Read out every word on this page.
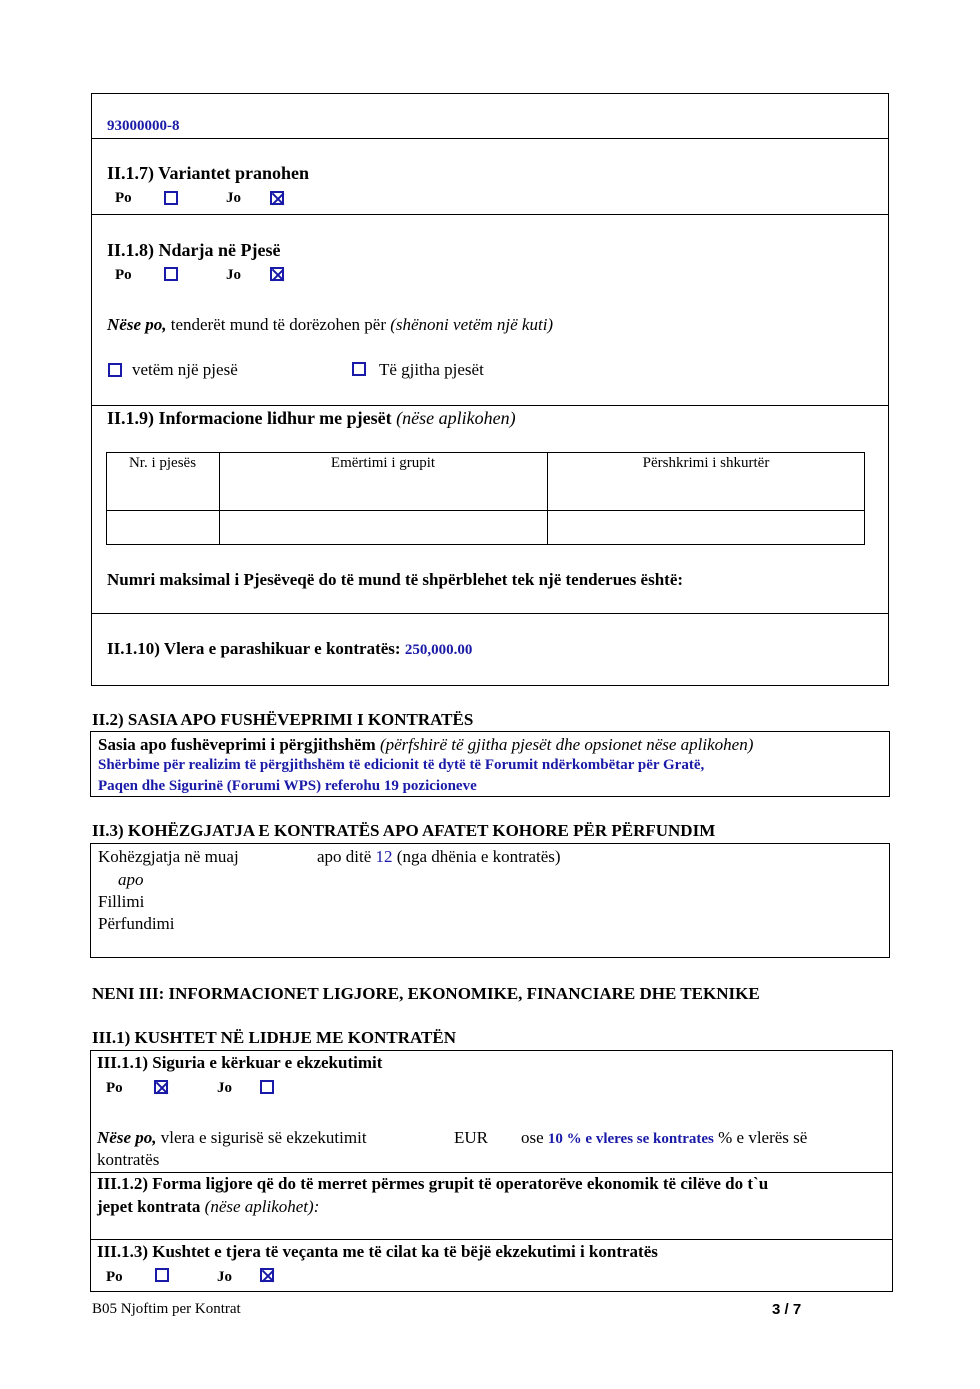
93000000-8
II.1.7) Variantet pranohen
Po	Jo
II.1.8) Ndarja në Pjesë
Po	Jo
Nëse po, tenderët mund të dorëzohen për (shënoni vetëm një kuti)
vetëm një pjesë	Të gjitha pjesët
II.1.9) Informacione lidhur me pjesët (nëse aplikohen)
Nr. i pjesës	Emërtimi i grupit	Përshkrimi i shkurtër
Numri maksimal i Pjesëveqë do të mund të shpërblehet tek një tenderues është:
II.1.10) Vlera e parashikuar e kontratës: 250,000.00
II.2) SASIA APO FUSHËVEPRIMI I KONTRATËS
Sasia apo fushëveprimi i përgjithshëm (përfshirë të gjitha pjesët dhe opsionet nëse aplikohen)
Shërbime për realizim të përgjithshëm të edicionit të dytë të Forumit ndërkombëtar për Gratë,
Paqen dhe Sigurinë (Forumi WPS) referohu 19 pozicioneve
II.3) KOHËZGJATJA E KONTRATËS APO AFATET KOHORE PËR PËRFUNDIM
Kohëzgjatja në muaj	apo ditë 12 (nga dhënia e kontratës)
apo
Fillimi
Përfundimi
NENI III: INFORMACIONET LIGJORE, EKONOMIKE, FINANCIARE DHE TEKNIKE
III.1) KUSHTET NË LIDHJE ME KONTRATËN
III.1.1) Siguria e kërkuar e ekzekutimit
Po	Jo
Nëse po, vlera e sigurisë së ekzekutimit	EUR ose 10 % e vleres se kontrates % e vlerës së
kontratës
III.1.2) Forma ligjore që do të merret përmes grupit të operatorëve ekonomik të cilëve do t`u
jepet kontrata (nëse aplikohet):
III.1.3) Kushtet e tjera të veçanta me të cilat ka të bëjë ekzekutimi i kontratës
Po	Jo
B05 Njoftim per Kontrat	3 / 7
